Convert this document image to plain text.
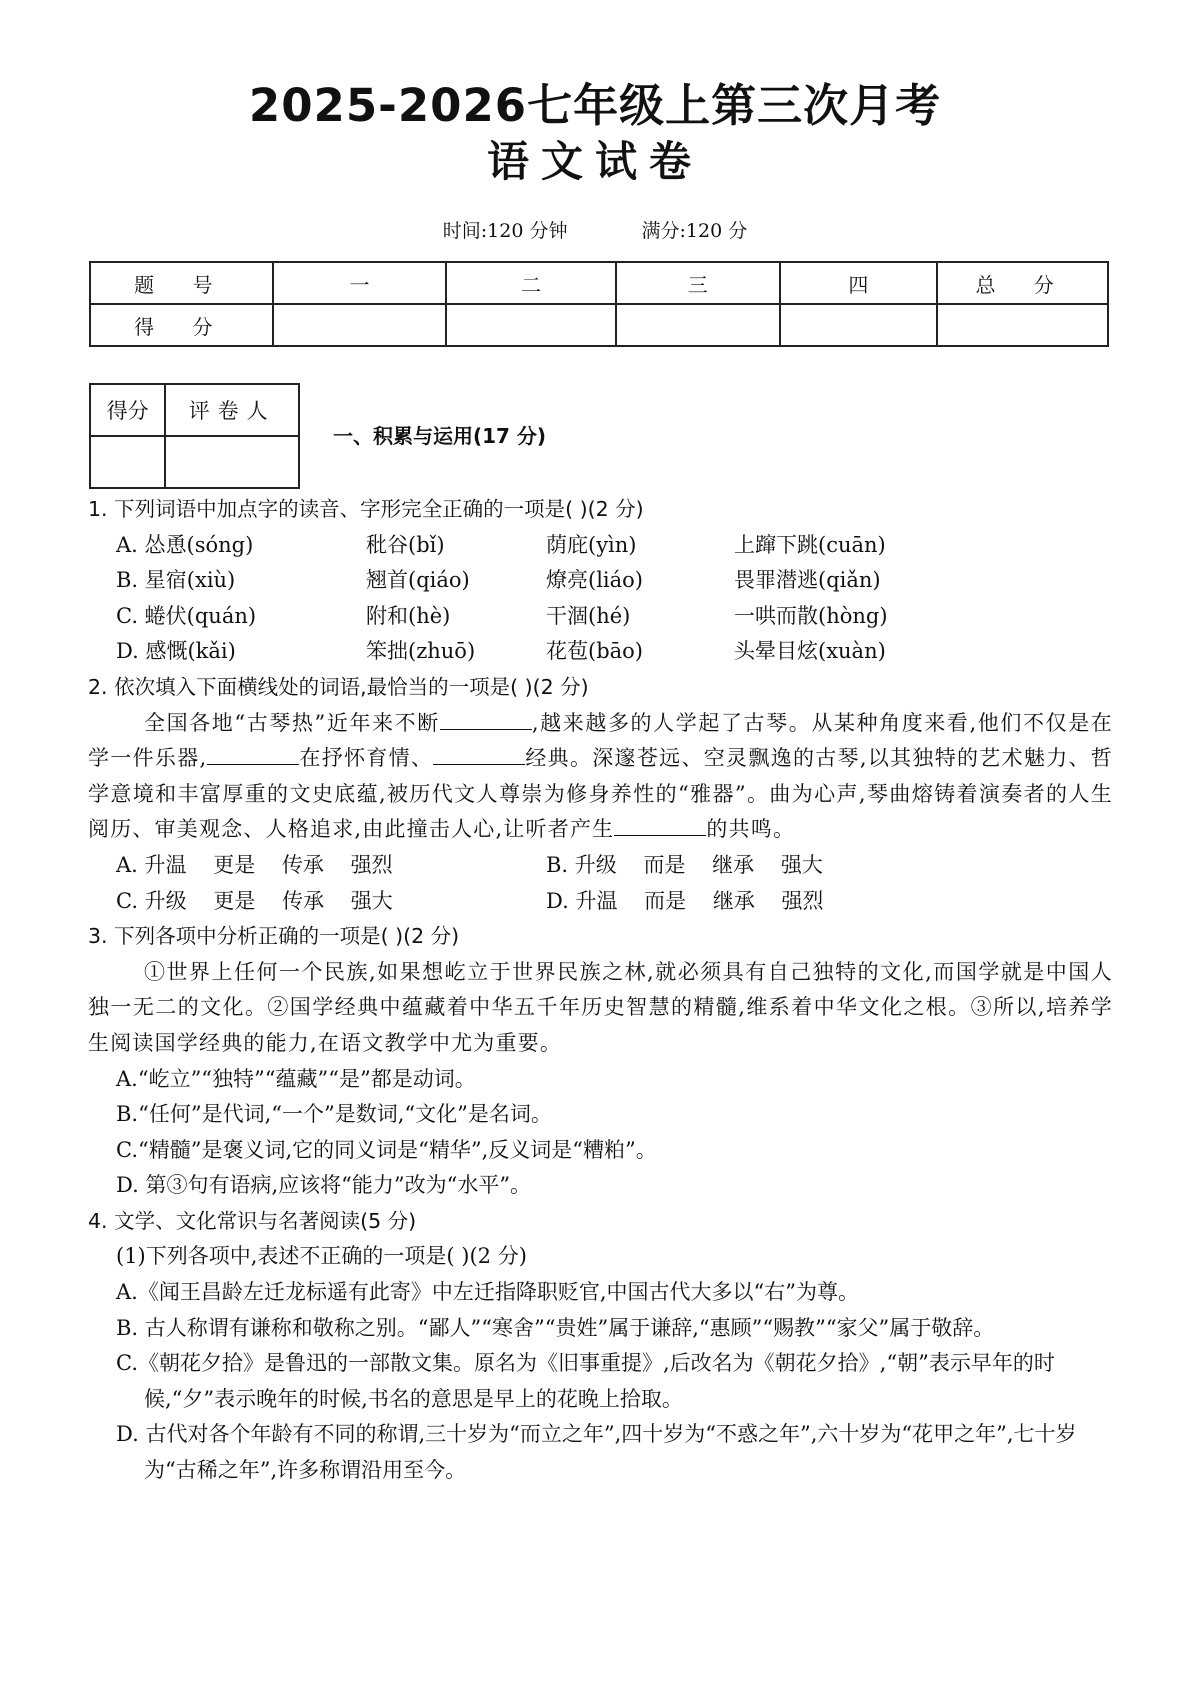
2025-2026七年级上第三次月考
语文试卷
时间:120 分钟	满分:120 分
题 号	一	二	三	四	总 分
得 分					
得分	评卷人

一、积累与运用(17 分)

1. 下列词语中加点字的读音、字形完全正确的一项是( )(2 分)

A. 怂恿(sóng)	秕谷(bǐ)	荫庇(yìn)	上蹿下跳(cuān)
B. 星宿(xiù)	翘首(qiáo)	燎亮(liáo)	畏罪潜逃(qiǎn)
C. 蜷伏(quán)	附和(hè)	干涸(hé)	一哄而散(hòng)
D. 感慨(kǎi)	笨拙(zhuō)	花苞(bāo)	头晕目炫(xuàn)

2. 依次填入下面横线处的词语,最恰当的一项是( )(2 分)

全国各地“古琴热”近年来不断	,越来越多的人学起了古琴。从某种角度来看,他们不仅是在学一件乐器,	在抒怀育情、	经典。深邃苍远、空灵飘逸的古琴,以其独特的艺术魅力、哲学意境和丰富厚重的文史底蕴,被历代文人尊崇为修身养性的“雅器”。曲为心声,琴曲熔铸着演奏者的人生阅历、审美观念、人格追求,由此撞击人心,让听者产生	的共鸣。

A. 升温    更是    传承    强烈	B. 升级    而是    继承    强大
C. 升级    更是    传承    强大	D. 升温    而是    继承    强烈

3. 下列各项中分析正确的一项是( )(2 分)

①世界上任何一个民族,如果想屹立于世界民族之林,就必须具有自己独特的文化,而国学就是中国人独一无二的文化。②国学经典中蕴藏着中华五千年历史智慧的精髓,维系着中华文化之根。③所以,培养学生阅读国学经典的能力,在语文教学中尤为重要。

A.“屹立”“独特”“蕴藏”“是”都是动词。

B.“任何”是代词,“一个”是数词,“文化”是名词。

C.“精髓”是褒义词,它的同义词是“精华”,反义词是“糟粕”。

D. 第③句有语病,应该将“能力”改为“水平”。

4. 文学、文化常识与名著阅读(5 分)

(1)下列各项中,表述不正确的一项是( )(2 分)

A.《闻王昌龄左迁龙标遥有此寄》中左迁指降职贬官,中国古代大多以“右”为尊。

B. 古人称谓有谦称和敬称之别。“鄙人”“寒舍”“贵姓”属于谦辞,“惠顾”“赐教”“家父”属于敬辞。

C.《朝花夕拾》是鲁迅的一部散文集。原名为《旧事重提》,后改名为《朝花夕拾》,“朝”表示早年的时候,“夕”表示晚年的时候,书名的意思是早上的花晚上拾取。

D. 古代对各个年龄有不同的称谓,三十岁为“而立之年”,四十岁为“不惑之年”,六十岁为“花甲之年”,七十岁为“古稀之年”,许多称谓沿用至今。
